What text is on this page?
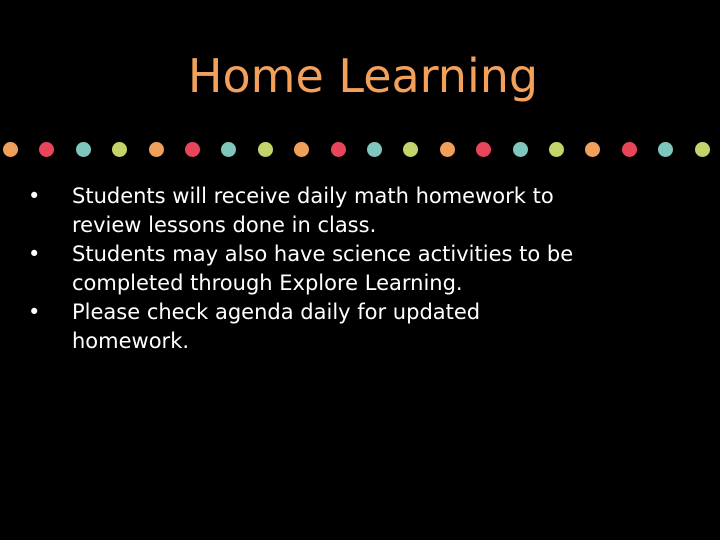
Home Learning
•	Students will receive daily math homework to review lessons done in class.
•	Students may also have science activities to be completed through Explore Learning.
•	Please check agenda daily for updated homework.
